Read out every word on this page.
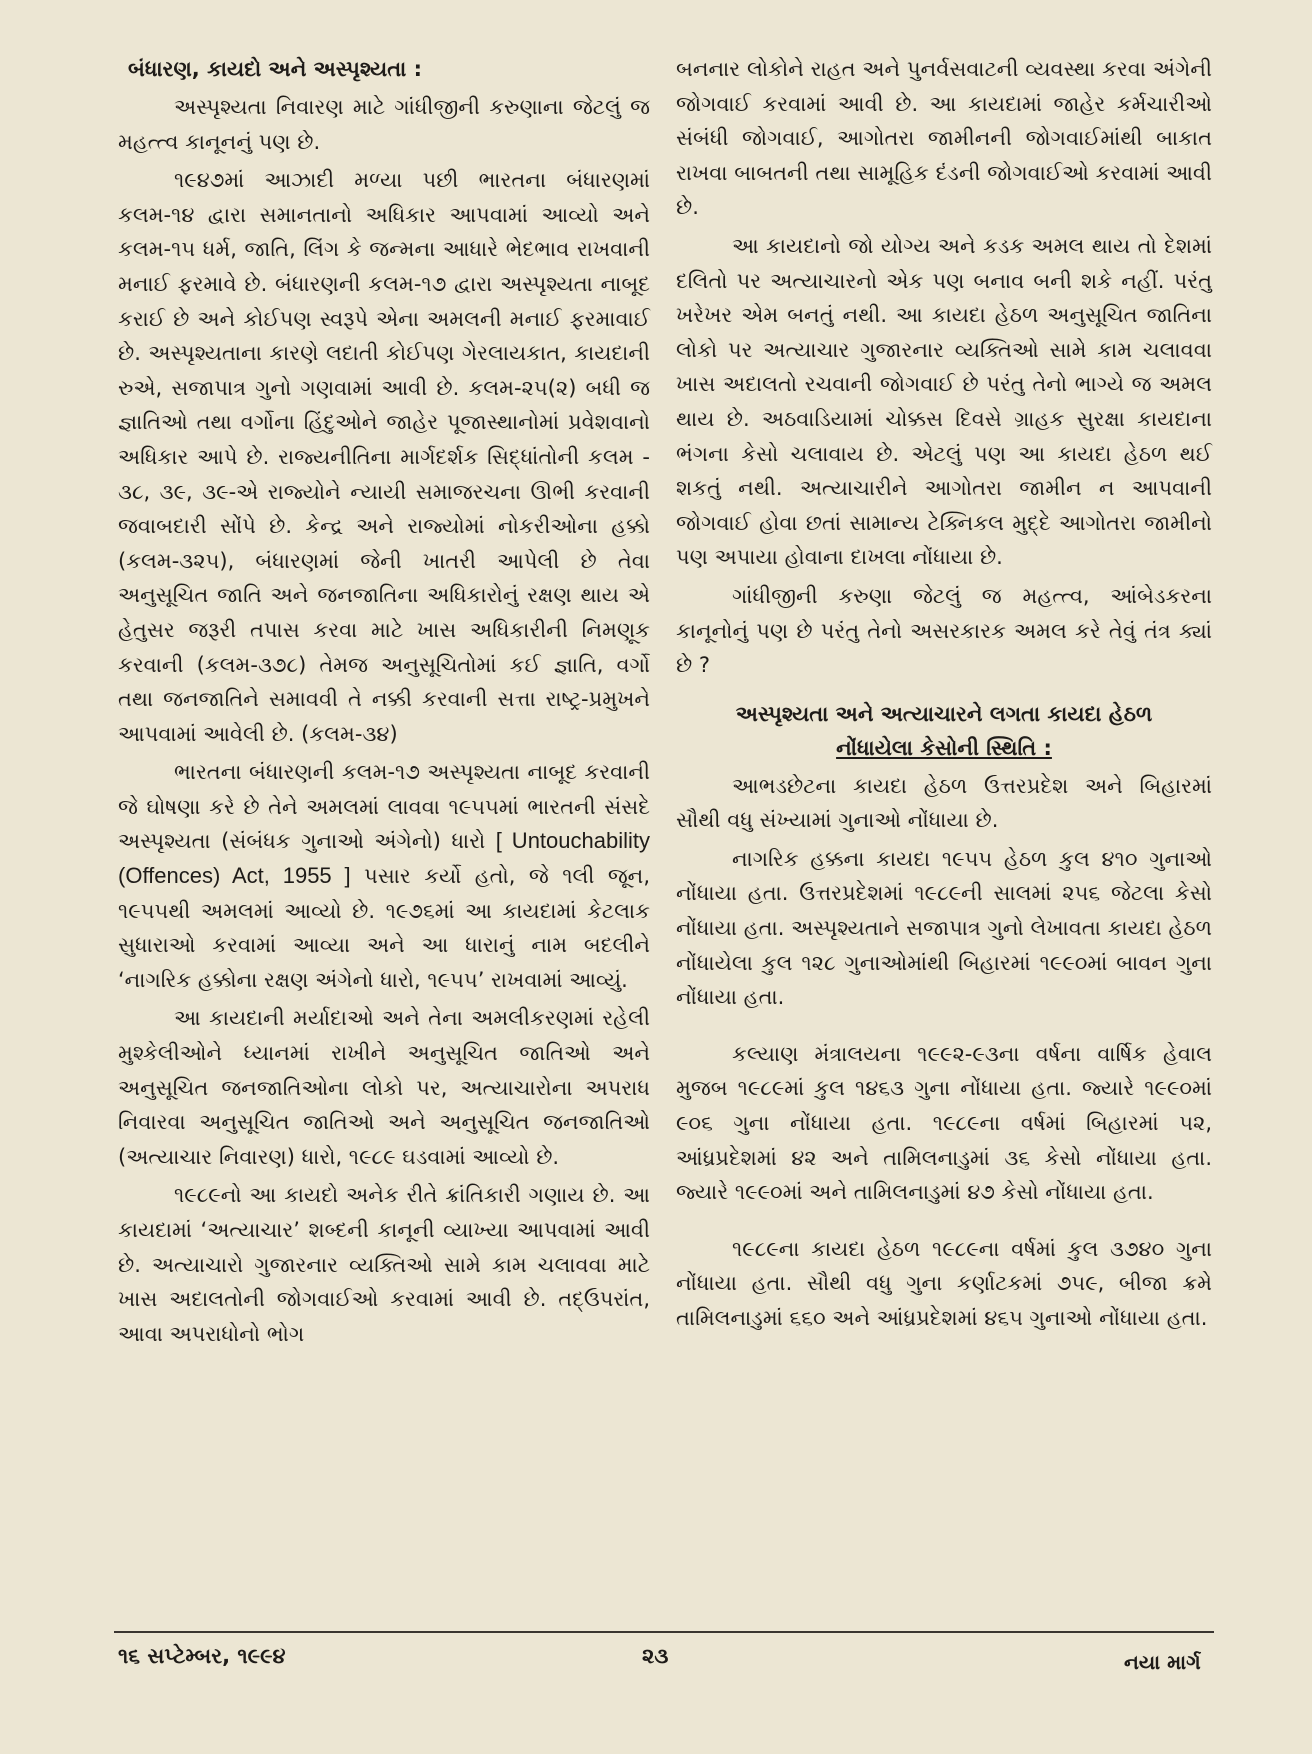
બંધારણ, કાયદો અને અસ્પૃશ્યતા :

અસ્પૃશ્યતા નિવારણ માટે ગાંધીજીની કરુણાના જેટલું જ મહત્ત્વ કાનૂનનું પણ છે.

૧૯૪૭માં આઝાદી મળ્યા પછી ભારતના બંધારણમાં કલમ-૧૪ દ્વારા સમાનતાનો અધિકાર આપવામાં આવ્યો અને કલમ-૧૫ ધર્મ, જાતિ, લિંગ કે જન્મના આધારે ભેદભાવ રાખવાની મનાઈ ફરમાવે છે. બંધારણની કલમ-૧૭ દ્વારા અસ્પૃશ્યતા નાબૂદ કરાઈ છે અને કોઈપણ સ્વરૂપે એના અમલની મનાઈ ફરમાવાઈ છે. અસ્પૃશ્યતાના કારણે લદાતી કોઈપણ ગેરલાયકાત, કાયદાની રુએ, સજાપાત્ર ગુનો ગણવામાં આવી છે. કલમ-૨૫(૨) બધી જ જ્ઞાતિઓ તથા વર્ગોના હિંદુઓને જાહેર પૂજાસ્થાનોમાં પ્રવેશવાનો અધિકાર આપે છે. રાજ્યનીતિના માર્ગદર્શક સિદ્ધાંતોની કલમ - ૩૮, ૩૯, ૩૯-એ રાજ્યોને ન્યાયી સમાજરચના ઊભી કરવાની જવાબદારી સોંપે છે. કેન્દ્ર અને રાજ્યોમાં નોકરીઓના હક્કો (કલમ-૩૨૫), બંધારણમાં જેની ખાતરી આપેલી છે તેવા અનુસૂચિત જાતિ અને જનજાતિના અધિકારોનું રક્ષણ થાય એ હેતુસર જરૂરી તપાસ કરવા માટે ખાસ અધિકારીની નિમણૂક કરવાની (કલમ-૩૭૮) તેમજ અનુસૂચિતોમાં કઈ જ્ઞાતિ, વર્ગો તથા જનજાતિને સમાવવી તે નક્કી કરવાની સત્તા રાષ્ટ્ર-પ્રમુખને આપવામાં આવેલી છે. (કલમ-૩૪)

ભારતના બંધારણની કલમ-૧૭ અસ્પૃશ્યતા નાબૂદ કરવાની જે ઘોષણા કરે છે તેને અમલમાં લાવવા ૧૯૫૫માં ભારતની સંસદે અસ્પૃશ્યતા (સંબંધક ગુનાઓ અંગેનો) ધારો [ Untouchability (Offences) Act, 1955 ] પસાર કર્યો હતો, જે ૧લી જૂન, ૧૯૫૫થી અમલમાં આવ્યો છે. ૧૯૭૬માં આ કાયદામાં કેટલાક સુધારાઓ કરવામાં આવ્યા અને આ ધારાનું નામ બદલીને ‘નાગરિક હક્કોના રક્ષણ અંગેનો ધારો, ૧૯૫૫’ રાખવામાં આવ્યું.

આ કાયદાની મર્યાદાઓ અને તેના અમલીકરણમાં રહેલી મુશ્કેલીઓને ધ્યાનમાં રાખીને અનુસૂચિત જાતિઓ અને અનુસૂચિત જનજાતિઓના લોકો પર, અત્યાચારોના અપરાધ નિવારવા અનુસૂચિત જાતિઓ અને અનુસૂચિત જનજાતિઓ (અત્યાચાર નિવારણ) ધારો, ૧૯૮૯ ઘડવામાં આવ્યો છે.

૧૯૮૯નો આ કાયદો અનેક રીતે ક્રાંતિકારી ગણાય છે. આ કાયદામાં ‘અત્યાચાર’ શબ્દની કાનૂની વ્યાખ્યા આપવામાં આવી છે. અત્યાચારો ગુજારનાર વ્યક્તિઓ સામે કામ ચલાવવા માટે ખાસ અદાલતોની જોગવાઈઓ કરવામાં આવી છે. તદ્ઉપરાંત, આવા અપરાધોનો ભોગ

બનનાર લોકોને રાહત અને પુનર્વસવાટની વ્યવસ્થા કરવા અંગેની જોગવાઈ કરવામાં આવી છે. આ કાયદામાં જાહેર કર્મચારીઓ સંબંધી જોગવાઈ, આગોતરા જામીનની જોગવાઈમાંથી બાકાત રાખવા બાબતની તથા સામૂહિક દંડની જોગવાઈઓ કરવામાં આવી છે.

આ કાયદાનો જો યોગ્ય અને કડક અમલ થાય તો દેશમાં દલિતો પર અત્યાચારનો એક પણ બનાવ બની શકે નહીં. પરંતુ ખરેખર એમ બનતું નથી. આ કાયદા હેઠળ અનુસૂચિત જાતિના લોકો પર અત્યાચાર ગુજારનાર વ્યક્તિઓ સામે કામ ચલાવવા ખાસ અદાલતો રચવાની જોગવાઈ છે પરંતુ તેનો ભાગ્યે જ અમલ થાય છે. અઠવાડિયામાં ચોક્કસ દિવસે ગ્રાહક સુરક્ષા કાયદાના ભંગના કેસો ચલાવાય છે. એટલું પણ આ કાયદા હેઠળ થઈ શકતું નથી. અત્યાચારીને આગોતરા જામીન ન આપવાની જોગવાઈ હોવા છતાં સામાન્ય ટેક્નિકલ મુદ્દે આગોતરા જામીનો પણ અપાયા હોવાના દાખલા નોંધાયા છે.

ગાંધીજીની કરુણા જેટલું જ મહત્ત્વ, આંબેડકરના કાનૂનોનું પણ છે પરંતુ તેનો અસરકારક અમલ કરે તેવું તંત્ર ક્યાં છે ?

અસ્પૃશ્યતા અને અત્યાચારને લગતા કાયદા હેઠળ
નોંધાયેલા કેસોની સ્થિતિ :

આભડછેટના કાયદા હેઠળ ઉત્તરપ્રદેશ અને બિહારમાં સૌથી વધુ સંખ્યામાં ગુનાઓ નોંધાયા છે.

નાગરિક હક્કના કાયદા ૧૯૫૫ હેઠળ કુલ ૪૧૦ ગુનાઓ નોંધાયા હતા. ઉત્તરપ્રદેશમાં ૧૯૮૯ની સાલમાં ૨૫૬ જેટલા કેસો નોંધાયા હતા. અસ્પૃશ્યતાને સજાપાત્ર ગુનો લેખાવતા કાયદા હેઠળ નોંધાયેલા કુલ ૧૨૮ ગુનાઓમાંથી બિહારમાં ૧૯૯૦માં બાવન ગુના નોંધાયા હતા.

કલ્યાણ મંત્રાલયના ૧૯૯૨-૯૩ના વર્ષના વાર્ષિક હેવાલ મુજબ ૧૯૮૯માં કુલ ૧૪૬૩ ગુના નોંધાયા હતા. જ્યારે ૧૯૯૦માં ૯૦૬ ગુના નોંધાયા હતા. ૧૯૮૯ના વર્ષમાં બિહારમાં ૫૨, આંધ્રપ્રદેશમાં ૪૨ અને તામિલનાડુમાં ૩૬ કેસો નોંધાયા હતા. જ્યારે ૧૯૯૦માં અને તામિલનાડુમાં ૪૭ કેસો નોંધાયા હતા.

૧૯૮૯ના કાયદા હેઠળ ૧૯૮૯ના વર્ષમાં કુલ ૩૭૪૦ ગુના નોંધાયા હતા. સૌથી વધુ ગુના કર્ણાટકમાં ૭૫૯, બીજા ક્રમે તામિલનાડુમાં ૬૬૦ અને આંધ્રપ્રદેશમાં ૪૬૫ ગુનાઓ નોંધાયા હતા.

૧૬ સપ્ટેમ્બર, ૧૯૯૪	૨૩	નયા માર્ગ
